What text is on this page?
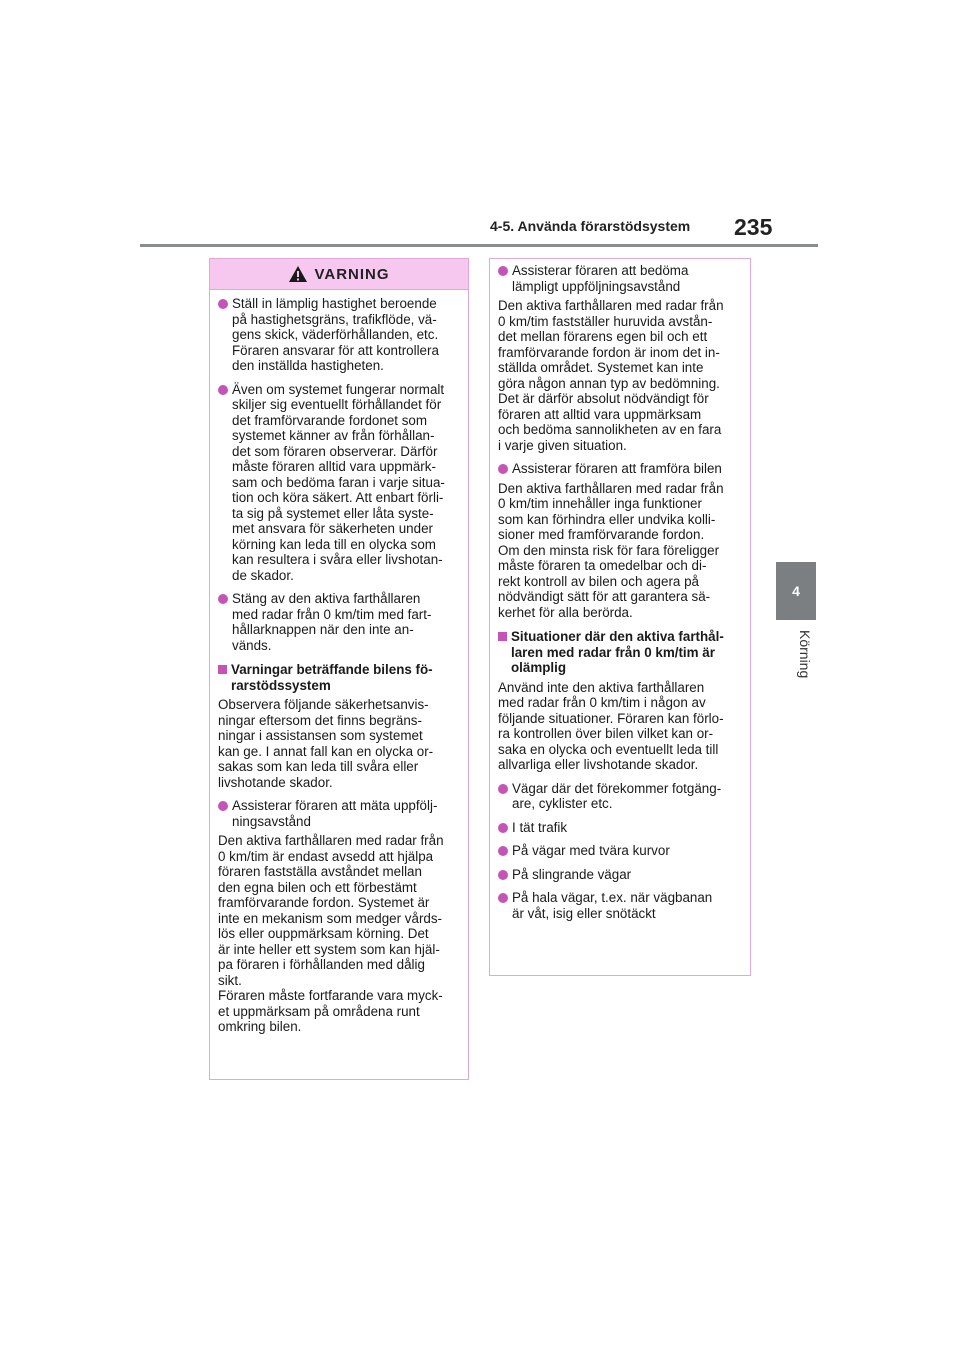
4-5. Använda förarstödsystem 235
4
Körning
VARNING

Ställ in lämplig hastighet beroende
på hastighetsgräns, trafikflöde, vä-
gens skick, väderförhållanden, etc.
Föraren ansvarar för att kontrollera
den inställda hastigheten.

Även om systemet fungerar normalt
skiljer sig eventuellt förhållandet för
det framförvarande fordonet som
systemet känner av från förhållan-
det som föraren observerar. Därför
måste föraren alltid vara uppmärk-
sam och bedöma faran i varje situa-
tion och köra säkert. Att enbart förli-
ta sig på systemet eller låta syste-
met ansvara för säkerheten under
körning kan leda till en olycka som
kan resultera i svåra eller livshotan-
de skador.

Stäng av den aktiva farthållaren
med radar från 0 km/tim med fart-
hållarknappen när den inte an-
vänds.

Varningar beträffande bilens fö-
rarstödssystem

Observera följande säkerhetsanvis-
ningar eftersom det finns begräns-
ningar i assistansen som systemet
kan ge. I annat fall kan en olycka or-
sakas som kan leda till svåra eller
livshotande skador.

Assisterar föraren att mäta uppfölj-
ningsavstånd

Den aktiva farthållaren med radar från
0 km/tim är endast avsedd att hjälpa
föraren fastställa avståndet mellan
den egna bilen och ett förbestämt
framförvarande fordon. Systemet är
inte en mekanism som medger vårds-
lös eller ouppmärksam körning. Det
är inte heller ett system som kan hjäl-
pa föraren i förhållanden med dålig
sikt.
Föraren måste fortfarande vara myck-
et uppmärksam på områdena runt
omkring bilen.

Assisterar föraren att bedöma
lämpligt uppföljningsavstånd

Den aktiva farthållaren med radar från
0 km/tim fastställer huruvida avstån-
det mellan förarens egen bil och ett
framförvarande fordon är inom det in-
ställda området. Systemet kan inte
göra någon annan typ av bedömning.
Det är därför absolut nödvändigt för
föraren att alltid vara uppmärksam
och bedöma sannolikheten av en fara
i varje given situation.

Assisterar föraren att framföra bilen

Den aktiva farthållaren med radar från
0 km/tim innehåller inga funktioner
som kan förhindra eller undvika kolli-
sioner med framförvarande fordon.
Om den minsta risk för fara föreligger
måste föraren ta omedelbar och di-
rekt kontroll av bilen och agera på
nödvändigt sätt för att garantera sä-
kerhet för alla berörda.

Situationer där den aktiva farthål-
laren med radar från 0 km/tim är
olämplig

Använd inte den aktiva farthållaren
med radar från 0 km/tim i någon av
följande situationer. Föraren kan förlo-
ra kontrollen över bilen vilket kan or-
saka en olycka och eventuellt leda till
allvarliga eller livshotande skador.

Vägar där det förekommer fotgäng-
are, cyklister etc.

I tät trafik

På vägar med tvära kurvor

På slingrande vägar

På hala vägar, t.ex. när vägbanan
är våt, isig eller snötäckt
